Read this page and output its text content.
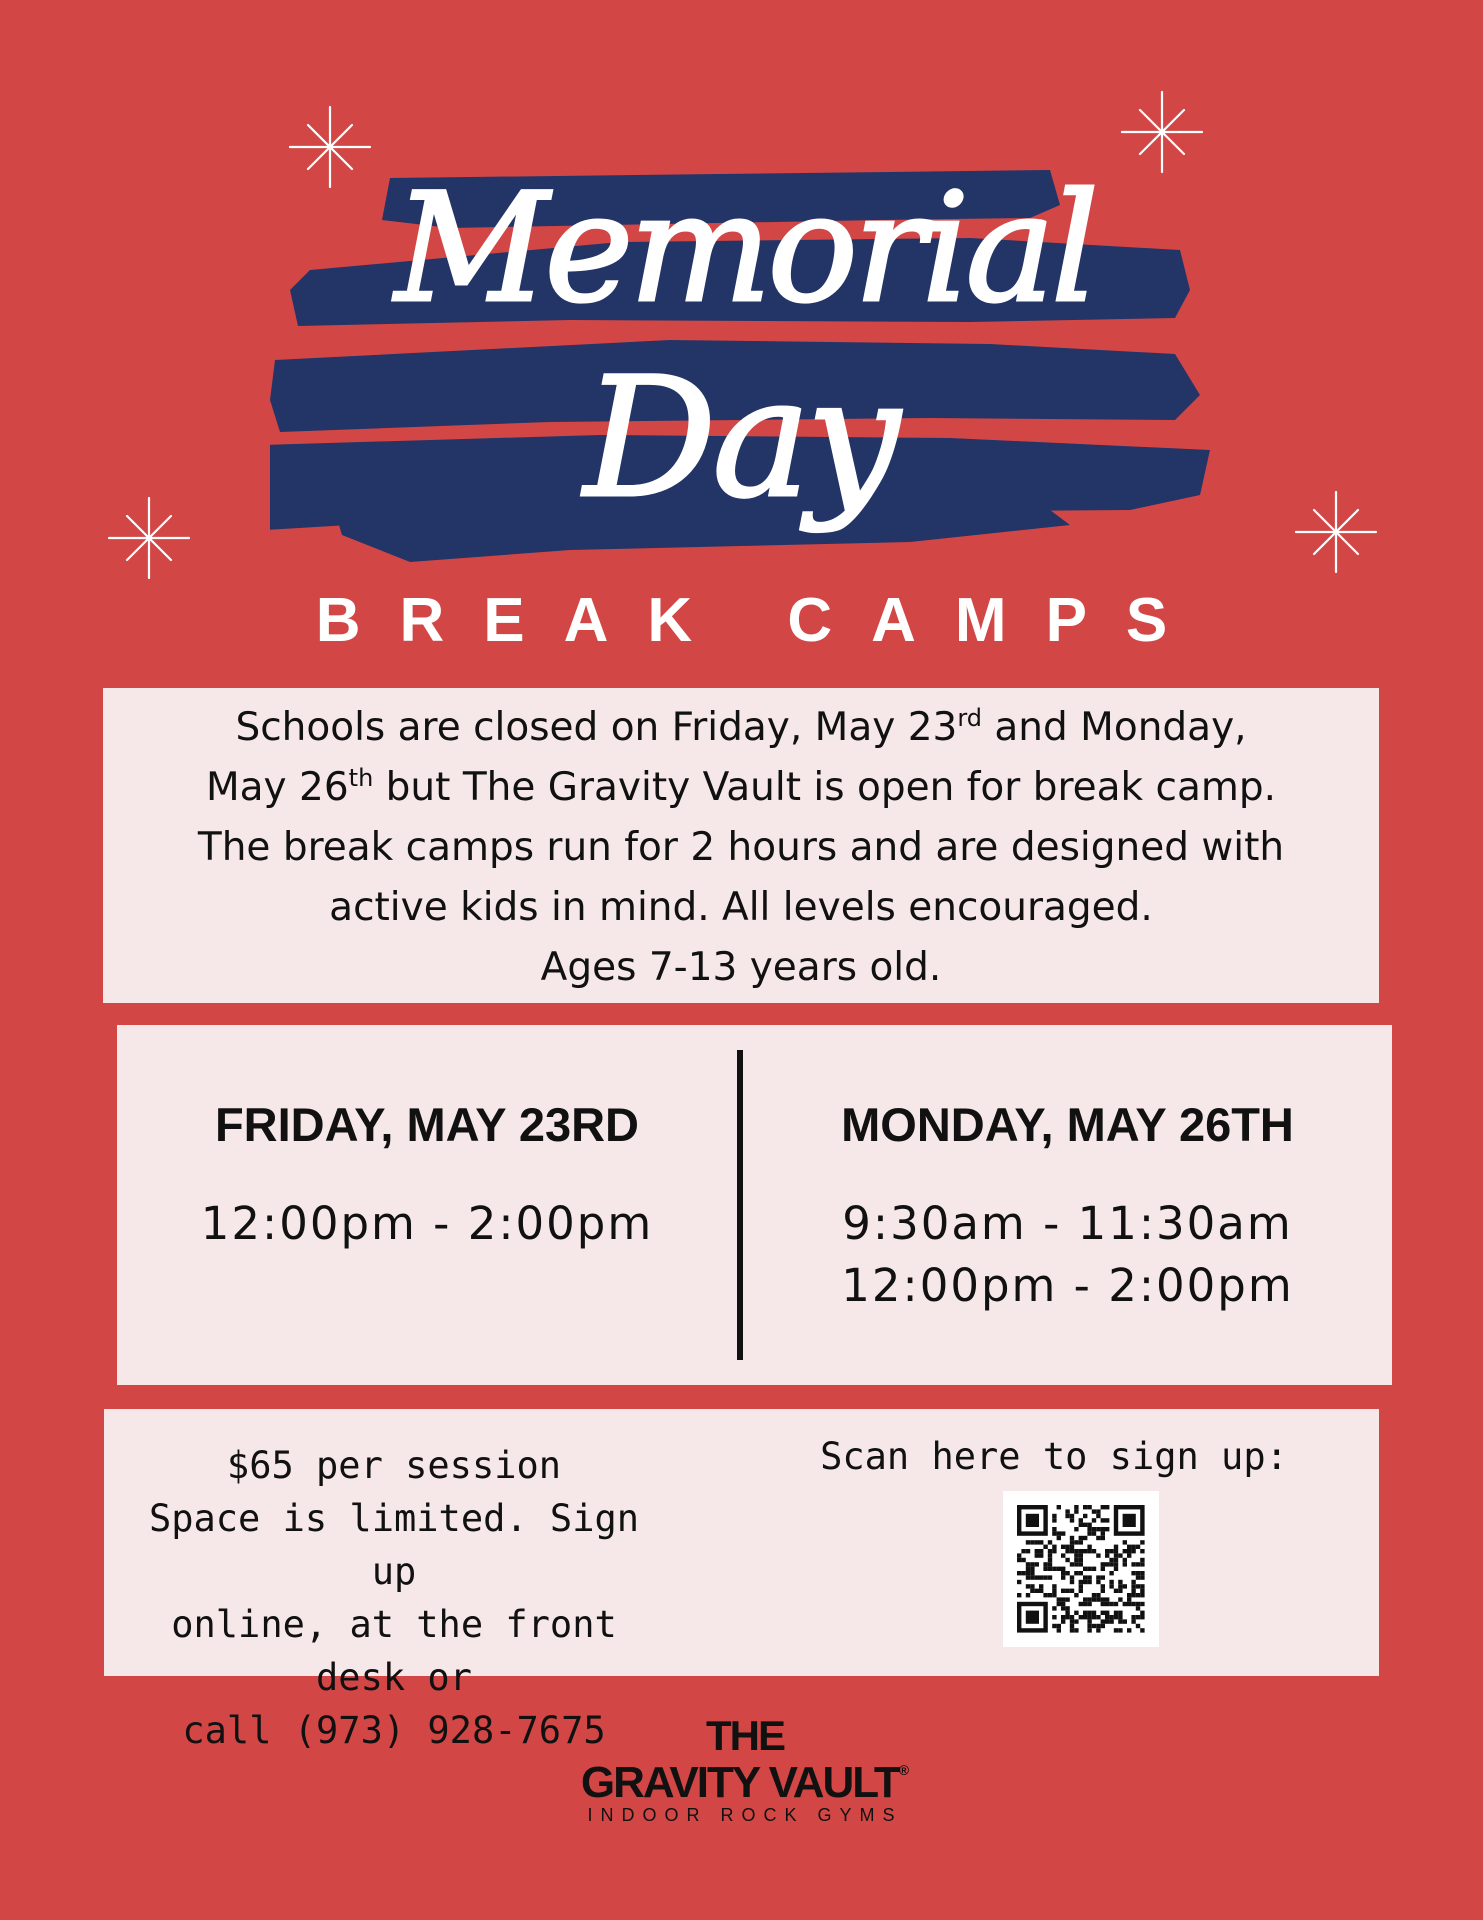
Memorial
Day
BREAK CAMPS
Schools are closed on Friday, May 23rd and Monday,
May 26th but The Gravity Vault is open for break camp.
The break camps run for 2 hours and are designed with
active kids in mind. All levels encouraged.
Ages 7-13 years old.
FRIDAY, MAY 23RD
12:00pm - 2:00pm
MONDAY, MAY 26TH
9:30am - 11:30am
12:00pm - 2:00pm
$65 per session
Space is limited. Sign up
online, at the front desk or
call (973) 928-7675
Scan here to sign up:
THE
GRAVITY VAULT®
INDOOR ROCK GYMS
